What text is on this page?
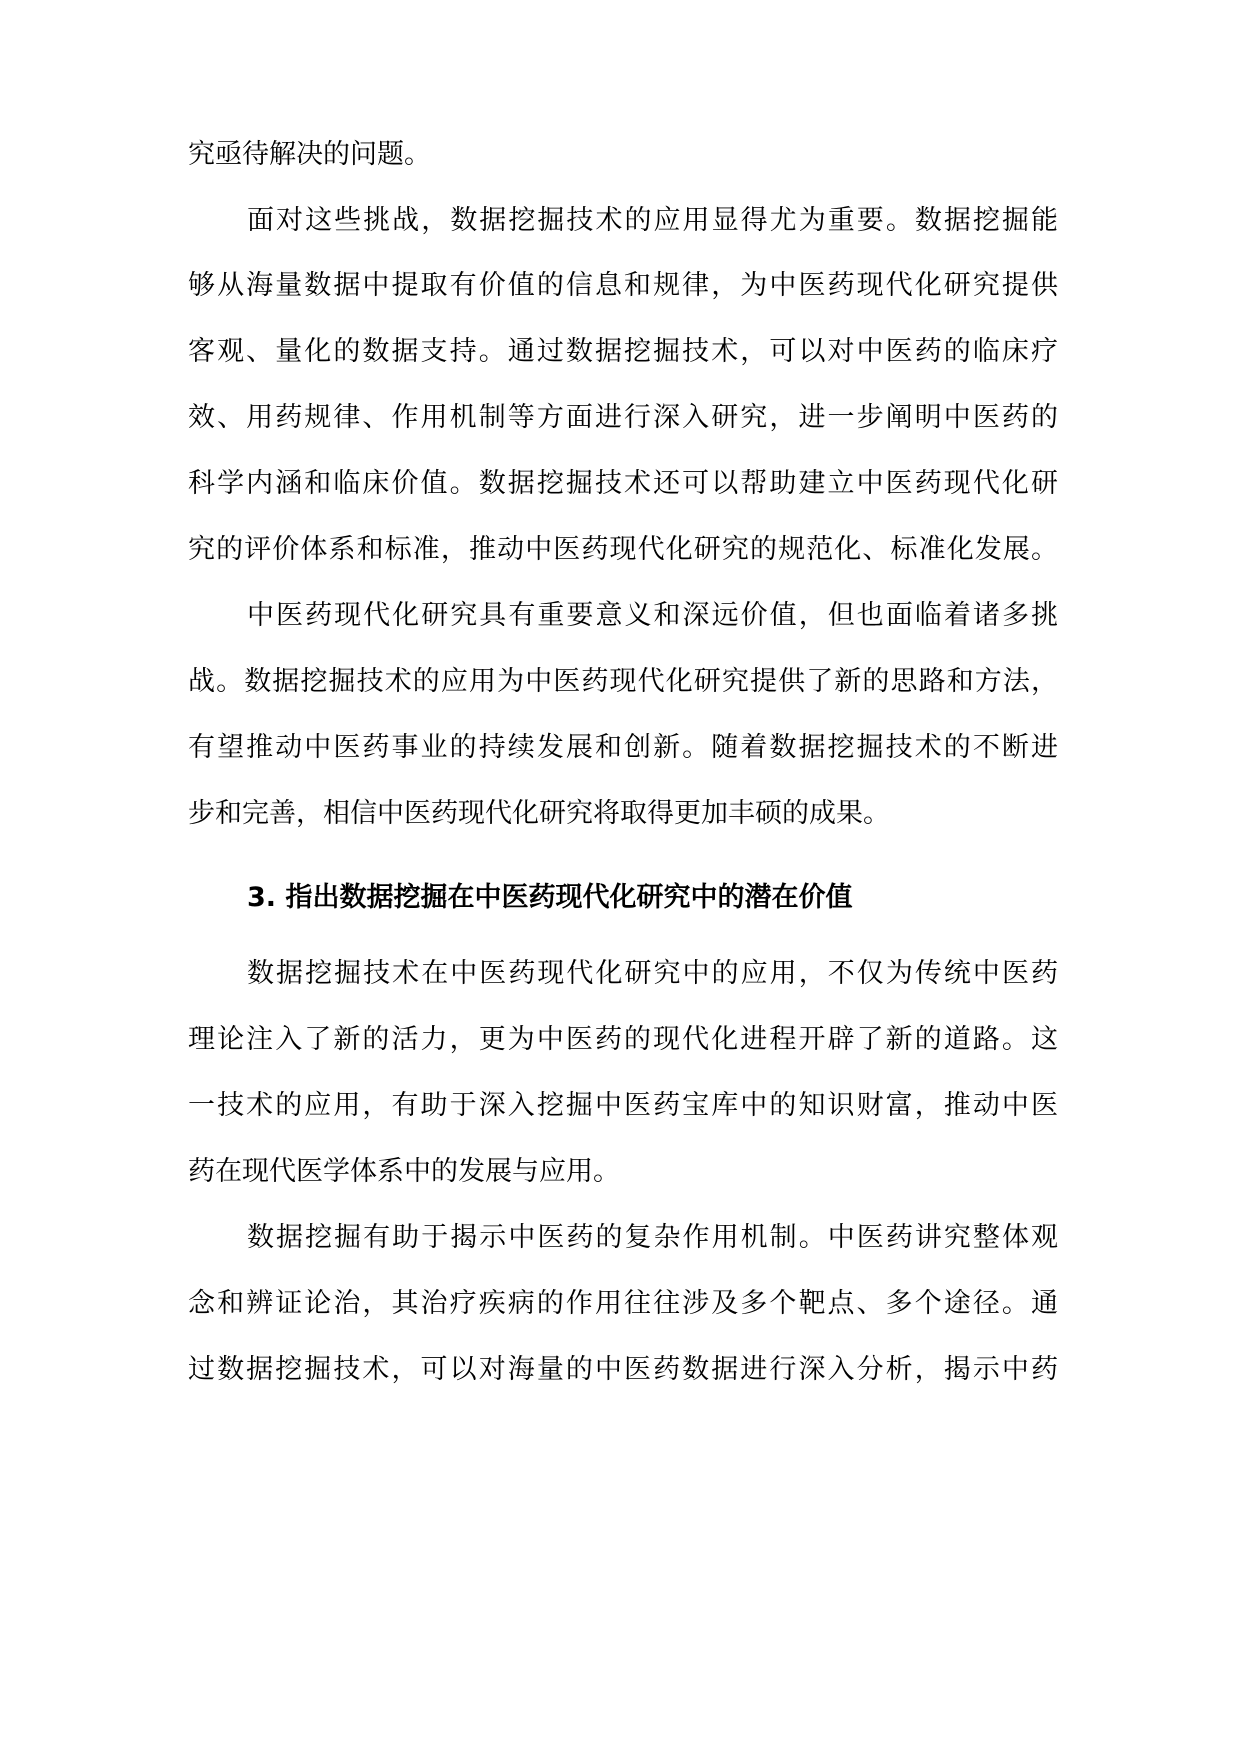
究亟待解决的问题。
面对这些挑战，数据挖掘技术的应用显得尤为重要。数据挖掘能
够从海量数据中提取有价值的信息和规律，为中医药现代化研究提供
客观、量化的数据支持。通过数据挖掘技术，可以对中医药的临床疗
效、用药规律、作用机制等方面进行深入研究，进一步阐明中医药的
科学内涵和临床价值。数据挖掘技术还可以帮助建立中医药现代化研
究的评价体系和标准，推动中医药现代化研究的规范化、标准化发展。
中医药现代化研究具有重要意义和深远价值，但也面临着诸多挑
战。数据挖掘技术的应用为中医药现代化研究提供了新的思路和方法，
有望推动中医药事业的持续发展和创新。随着数据挖掘技术的不断进
步和完善，相信中医药现代化研究将取得更加丰硕的成果。
3. 指出数据挖掘在中医药现代化研究中的潜在价值
数据挖掘技术在中医药现代化研究中的应用，不仅为传统中医药
理论注入了新的活力，更为中医药的现代化进程开辟了新的道路。这
一技术的应用，有助于深入挖掘中医药宝库中的知识财富，推动中医
药在现代医学体系中的发展与应用。
数据挖掘有助于揭示中医药的复杂作用机制。中医药讲究整体观
念和辨证论治，其治疗疾病的作用往往涉及多个靶点、多个途径。通
过数据挖掘技术，可以对海量的中医药数据进行深入分析，揭示中药
